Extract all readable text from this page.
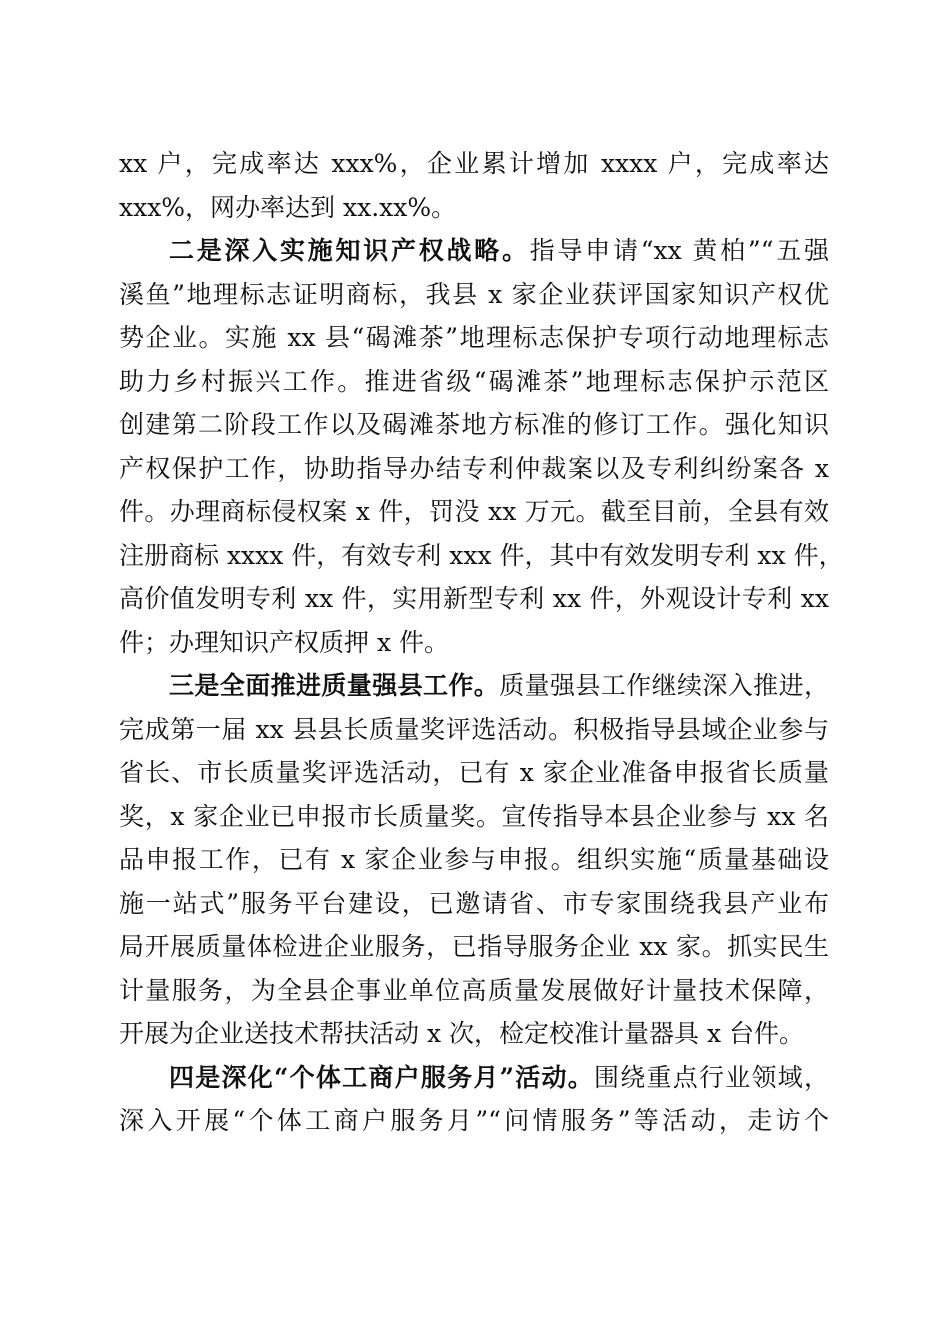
xx 户，完成率达 xxx%，企业累计增加 xxxx 户，完成率达
xxx%，网办率达到 xx.xx%。
二是深入实施知识产权战略。指导申请“xx 黄柏”“五强
溪鱼”地理标志证明商标，我县 x 家企业获评国家知识产权优
势企业。实施 xx 县“碣滩茶”地理标志保护专项行动地理标志
助力乡村振兴工作。推进省级“碣滩茶”地理标志保护示范区
创建第二阶段工作以及碣滩茶地方标准的修订工作。强化知识
产权保护工作，协助指导办结专利仲裁案以及专利纠纷案各 x
件。办理商标侵权案 x 件，罚没 xx 万元。截至目前，全县有效
注册商标 xxxx 件，有效专利 xxx 件，其中有效发明专利 xx 件，
高价值发明专利 xx 件，实用新型专利 xx 件，外观设计专利 xx
件；办理知识产权质押 x 件。
三是全面推进质量强县工作。质量强县工作继续深入推进，
完成第一届 xx 县县长质量奖评选活动。积极指导县域企业参与
省长、市长质量奖评选活动，已有 x 家企业准备申报省长质量
奖，x 家企业已申报市长质量奖。宣传指导本县企业参与 xx 名
品申报工作，已有 x 家企业参与申报。组织实施“质量基础设
施一站式”服务平台建设，已邀请省、市专家围绕我县产业布
局开展质量体检进企业服务，已指导服务企业 xx 家。抓实民生
计量服务，为全县企事业单位高质量发展做好计量技术保障，
开展为企业送技术帮扶活动 x 次，检定校准计量器具 x 台件。
四是深化“个体工商户服务月”活动。围绕重点行业领域，
深入开展“个体工商户服务月”“问情服务”等活动，走访个
